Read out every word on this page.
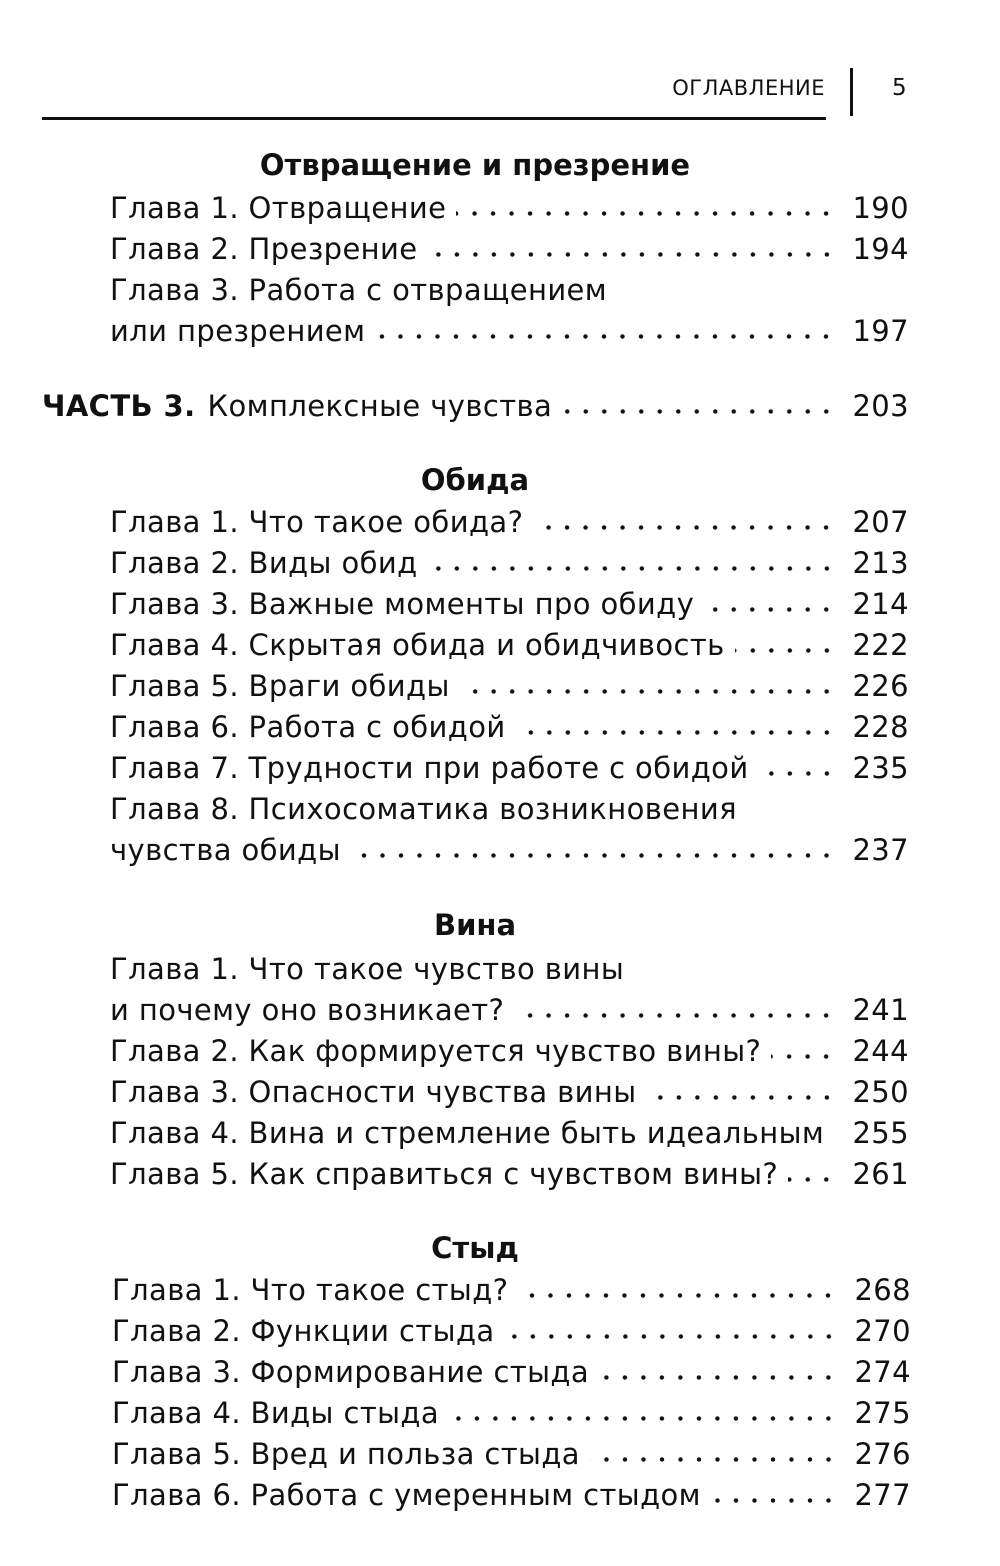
ОГЛАВЛЕНИЕ	5
Отвращение и презрение
Глава 1. Отвращение	190
Глава 2. Презрение	194
Глава 3. Работа с отвращением
или презрением	197
ЧАСТЬ 3. Комплексные чувства	203
Обида
Глава 1. Что такое обида?	207
Глава 2. Виды обид	213
Глава 3. Важные моменты про обиду	214
Глава 4. Скрытая обида и обидчивость	222
Глава 5. Враги обиды	226
Глава 6. Работа с обидой	228
Глава 7. Трудности при работе с обидой	235
Глава 8. Психосоматика возникновения
чувства обиды	237
Вина
Глава 1. Что такое чувство вины
и почему оно возникает?	241
Глава 2. Как формируется чувство вины?	244
Глава 3. Опасности чувства вины	250
Глава 4. Вина и стремление быть идеальным 255
Глава 5. Как справиться с чувством вины?	261
Стыд
Глава 1. Что такое стыд?	268
Глава 2. Функции стыда	270
Глава 3. Формирование стыда	274
Глава 4. Виды стыда	275
Глава 5. Вред и польза стыда	276
Глава 6. Работа с умеренным стыдом	277
